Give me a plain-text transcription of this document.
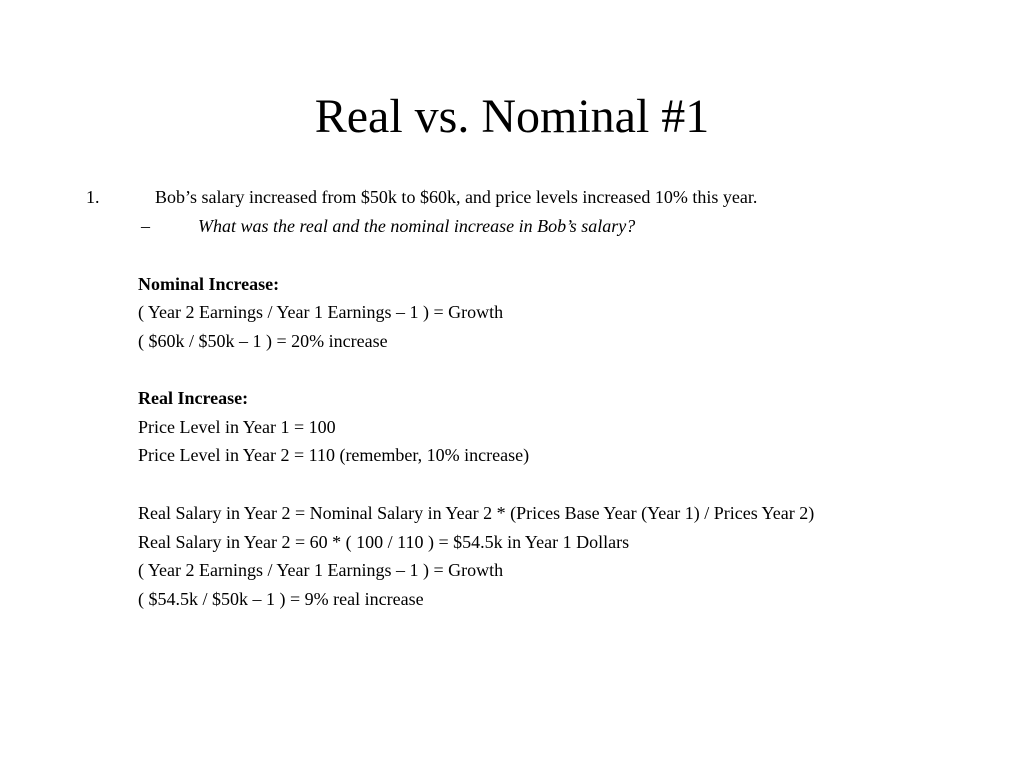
Real vs. Nominal #1
1.	Bob’s salary increased from $50k to $60k, and price levels increased 10% this year.
–	What was the real and the nominal increase in Bob’s salary?
Nominal Increase:
( Year 2 Earnings / Year 1 Earnings – 1 ) = Growth
( $60k / $50k – 1 ) = 20% increase
Real Increase:
Price Level in Year 1 = 100
Price Level in Year 2 = 110 (remember, 10% increase)
Real Salary in Year 2 = Nominal Salary in Year 2 * (Prices Base Year (Year 1) / Prices Year 2)
Real Salary in Year 2 = 60 * ( 100 / 110 ) = $54.5k in Year 1 Dollars
( Year 2 Earnings / Year 1 Earnings – 1 ) = Growth
( $54.5k / $50k – 1 ) = 9% real increase
